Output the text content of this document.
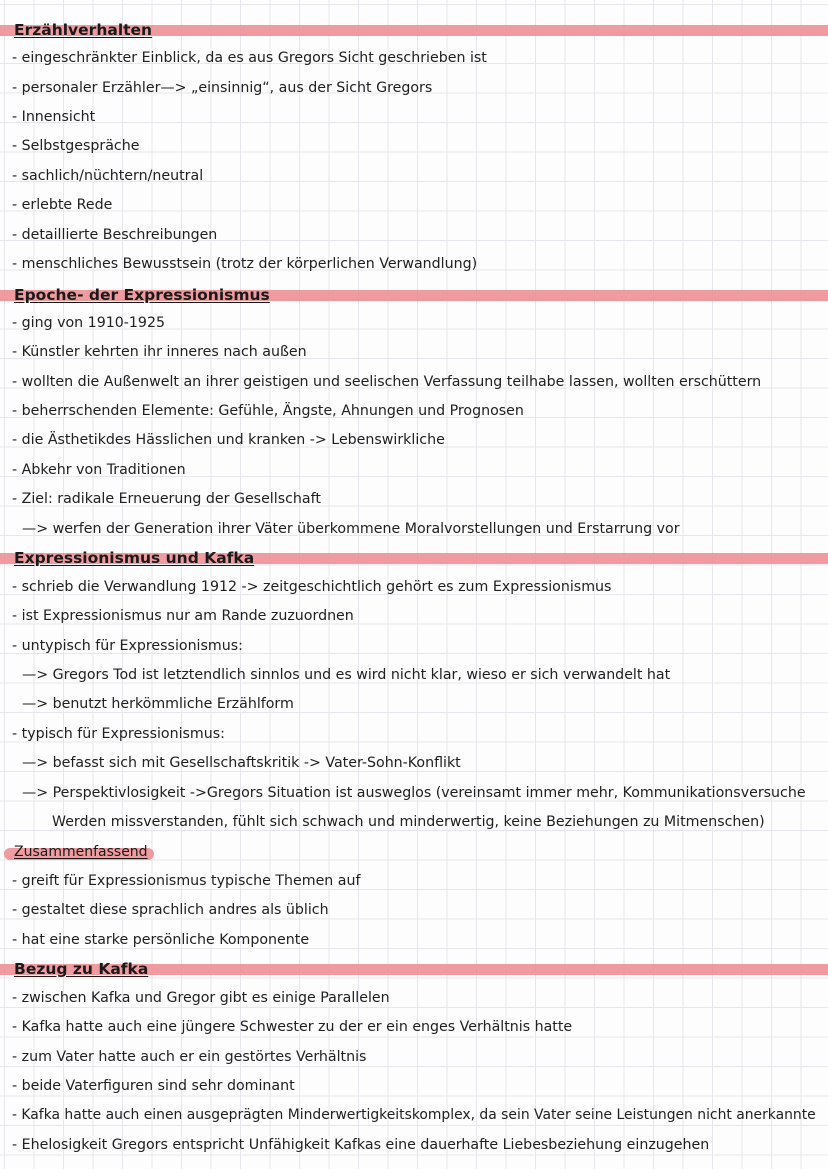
Erzählverhalten
- eingeschränkter Einblick, da es aus Gregors Sicht geschrieben ist
- personaler Erzähler—> „einsinnig“, aus der Sicht Gregors
- Innensicht
- Selbstgespräche
- sachlich/nüchtern/neutral
- erlebte Rede
- detaillierte Beschreibungen
- menschliches Bewusstsein (trotz der körperlichen Verwandlung)
Epoche- der Expressionismus
- ging von 1910-1925
- Künstler kehrten ihr inneres nach außen
- wollten die Außenwelt an ihrer geistigen und seelischen Verfassung teilhabe lassen, wollten erschüttern
- beherrschenden Elemente: Gefühle, Ängste, Ahnungen und Prognosen
- die Ästhetikdes Hässlichen und kranken -> Lebenswirkliche
- Abkehr von Traditionen
- Ziel: radikale Erneuerung der Gesellschaft
—> werfen der Generation ihrer Väter überkommene Moralvorstellungen und Erstarrung vor
Expressionismus und Kafka
- schrieb die Verwandlung 1912 -> zeitgeschichtlich gehört es zum Expressionismus
- ist Expressionismus nur am Rande zuzuordnen
- untypisch für Expressionismus:
—> Gregors Tod ist letztendlich sinnlos und es wird nicht klar, wieso er sich verwandelt hat
—> benutzt herkömmliche Erzählform
- typisch für Expressionismus:
—> befasst sich mit Gesellschaftskritik -> Vater-Sohn-Konflikt
—> Perspektivlosigkeit ->Gregors Situation ist ausweglos (vereinsamt immer mehr, Kommunikationsversuche
Werden missverstanden, fühlt sich schwach und minderwertig, keine Beziehungen zu Mitmenschen)
Zusammenfassend
- greift für Expressionismus typische Themen auf
- gestaltet diese sprachlich andres als üblich
- hat eine starke persönliche Komponente
Bezug zu Kafka
- zwischen Kafka und Gregor gibt es einige Parallelen
- Kafka hatte auch eine jüngere Schwester zu der er ein enges Verhältnis hatte
- zum Vater hatte auch er ein gestörtes Verhältnis
- beide Vaterfiguren sind sehr dominant
- Kafka hatte auch einen ausgeprägten Minderwertigkeitskomplex, da sein Vater seine Leistungen nicht anerkannte
- Ehelosigkeit Gregors entspricht Unfähigkeit Kafkas eine dauerhafte Liebesbeziehung einzugehen
